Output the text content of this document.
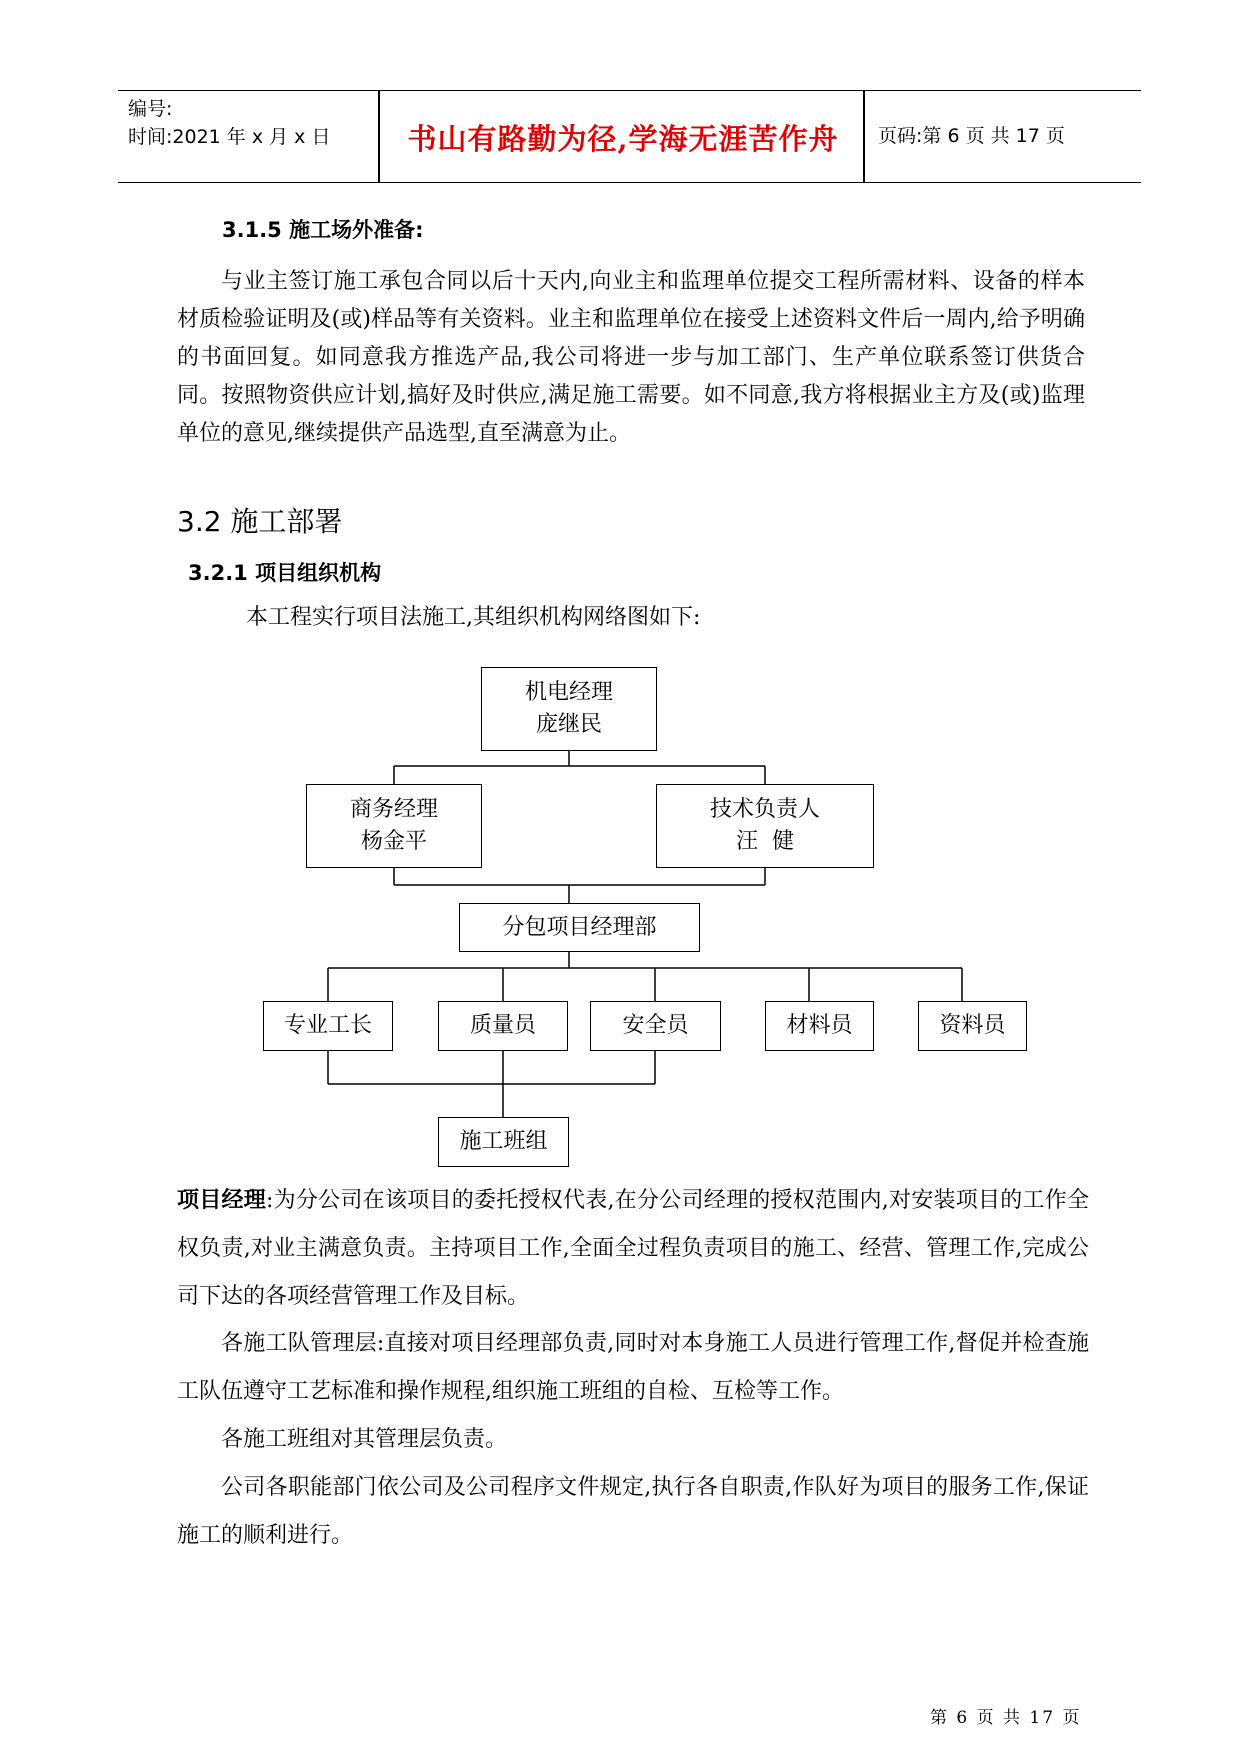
编号:
时间:2021 年 x 月 x 日	书山有路勤为径,学海无涯苦作舟	页码:第 6 页 共 17 页
3.1.5 施工场外准备:
与业主签订施工承包合同以后十天内,向业主和监理单位提交工程所需材料、设备的样本材质检验证明及(或)样品等有关资料。业主和监理单位在接受上述资料文件后一周内,给予明确的书面回复。如同意我方推选产品,我公司将进一步与加工部门、生产单位联系签订供货合同。按照物资供应计划,搞好及时供应,满足施工需要。如不同意,我方将根据业主方及(或)监理单位的意见,继续提供产品选型,直至满意为止。
3.2 施工部署
3.2.1 项目组织机构
本工程实行项目法施工,其组织机构网络图如下:
机电经理
庞继民
商务经理
杨金平
技术负责人
汪  健
分包项目经理部
专业工长	质量员	安全员	材料员	资料员
施工班组
项目经理:为分公司在该项目的委托授权代表,在分公司经理的授权范围内,对安装项目的工作全权负责,对业主满意负责。主持项目工作,全面全过程负责项目的施工、经营、管理工作,完成公司下达的各项经营管理工作及目标。
各施工队管理层:直接对项目经理部负责,同时对本身施工人员进行管理工作,督促并检查施工队伍遵守工艺标准和操作规程,组织施工班组的自检、互检等工作。
各施工班组对其管理层负责。
公司各职能部门依公司及公司程序文件规定,执行各自职责,作队好为项目的服务工作,保证施工的顺利进行。
第 6 页 共 17 页
